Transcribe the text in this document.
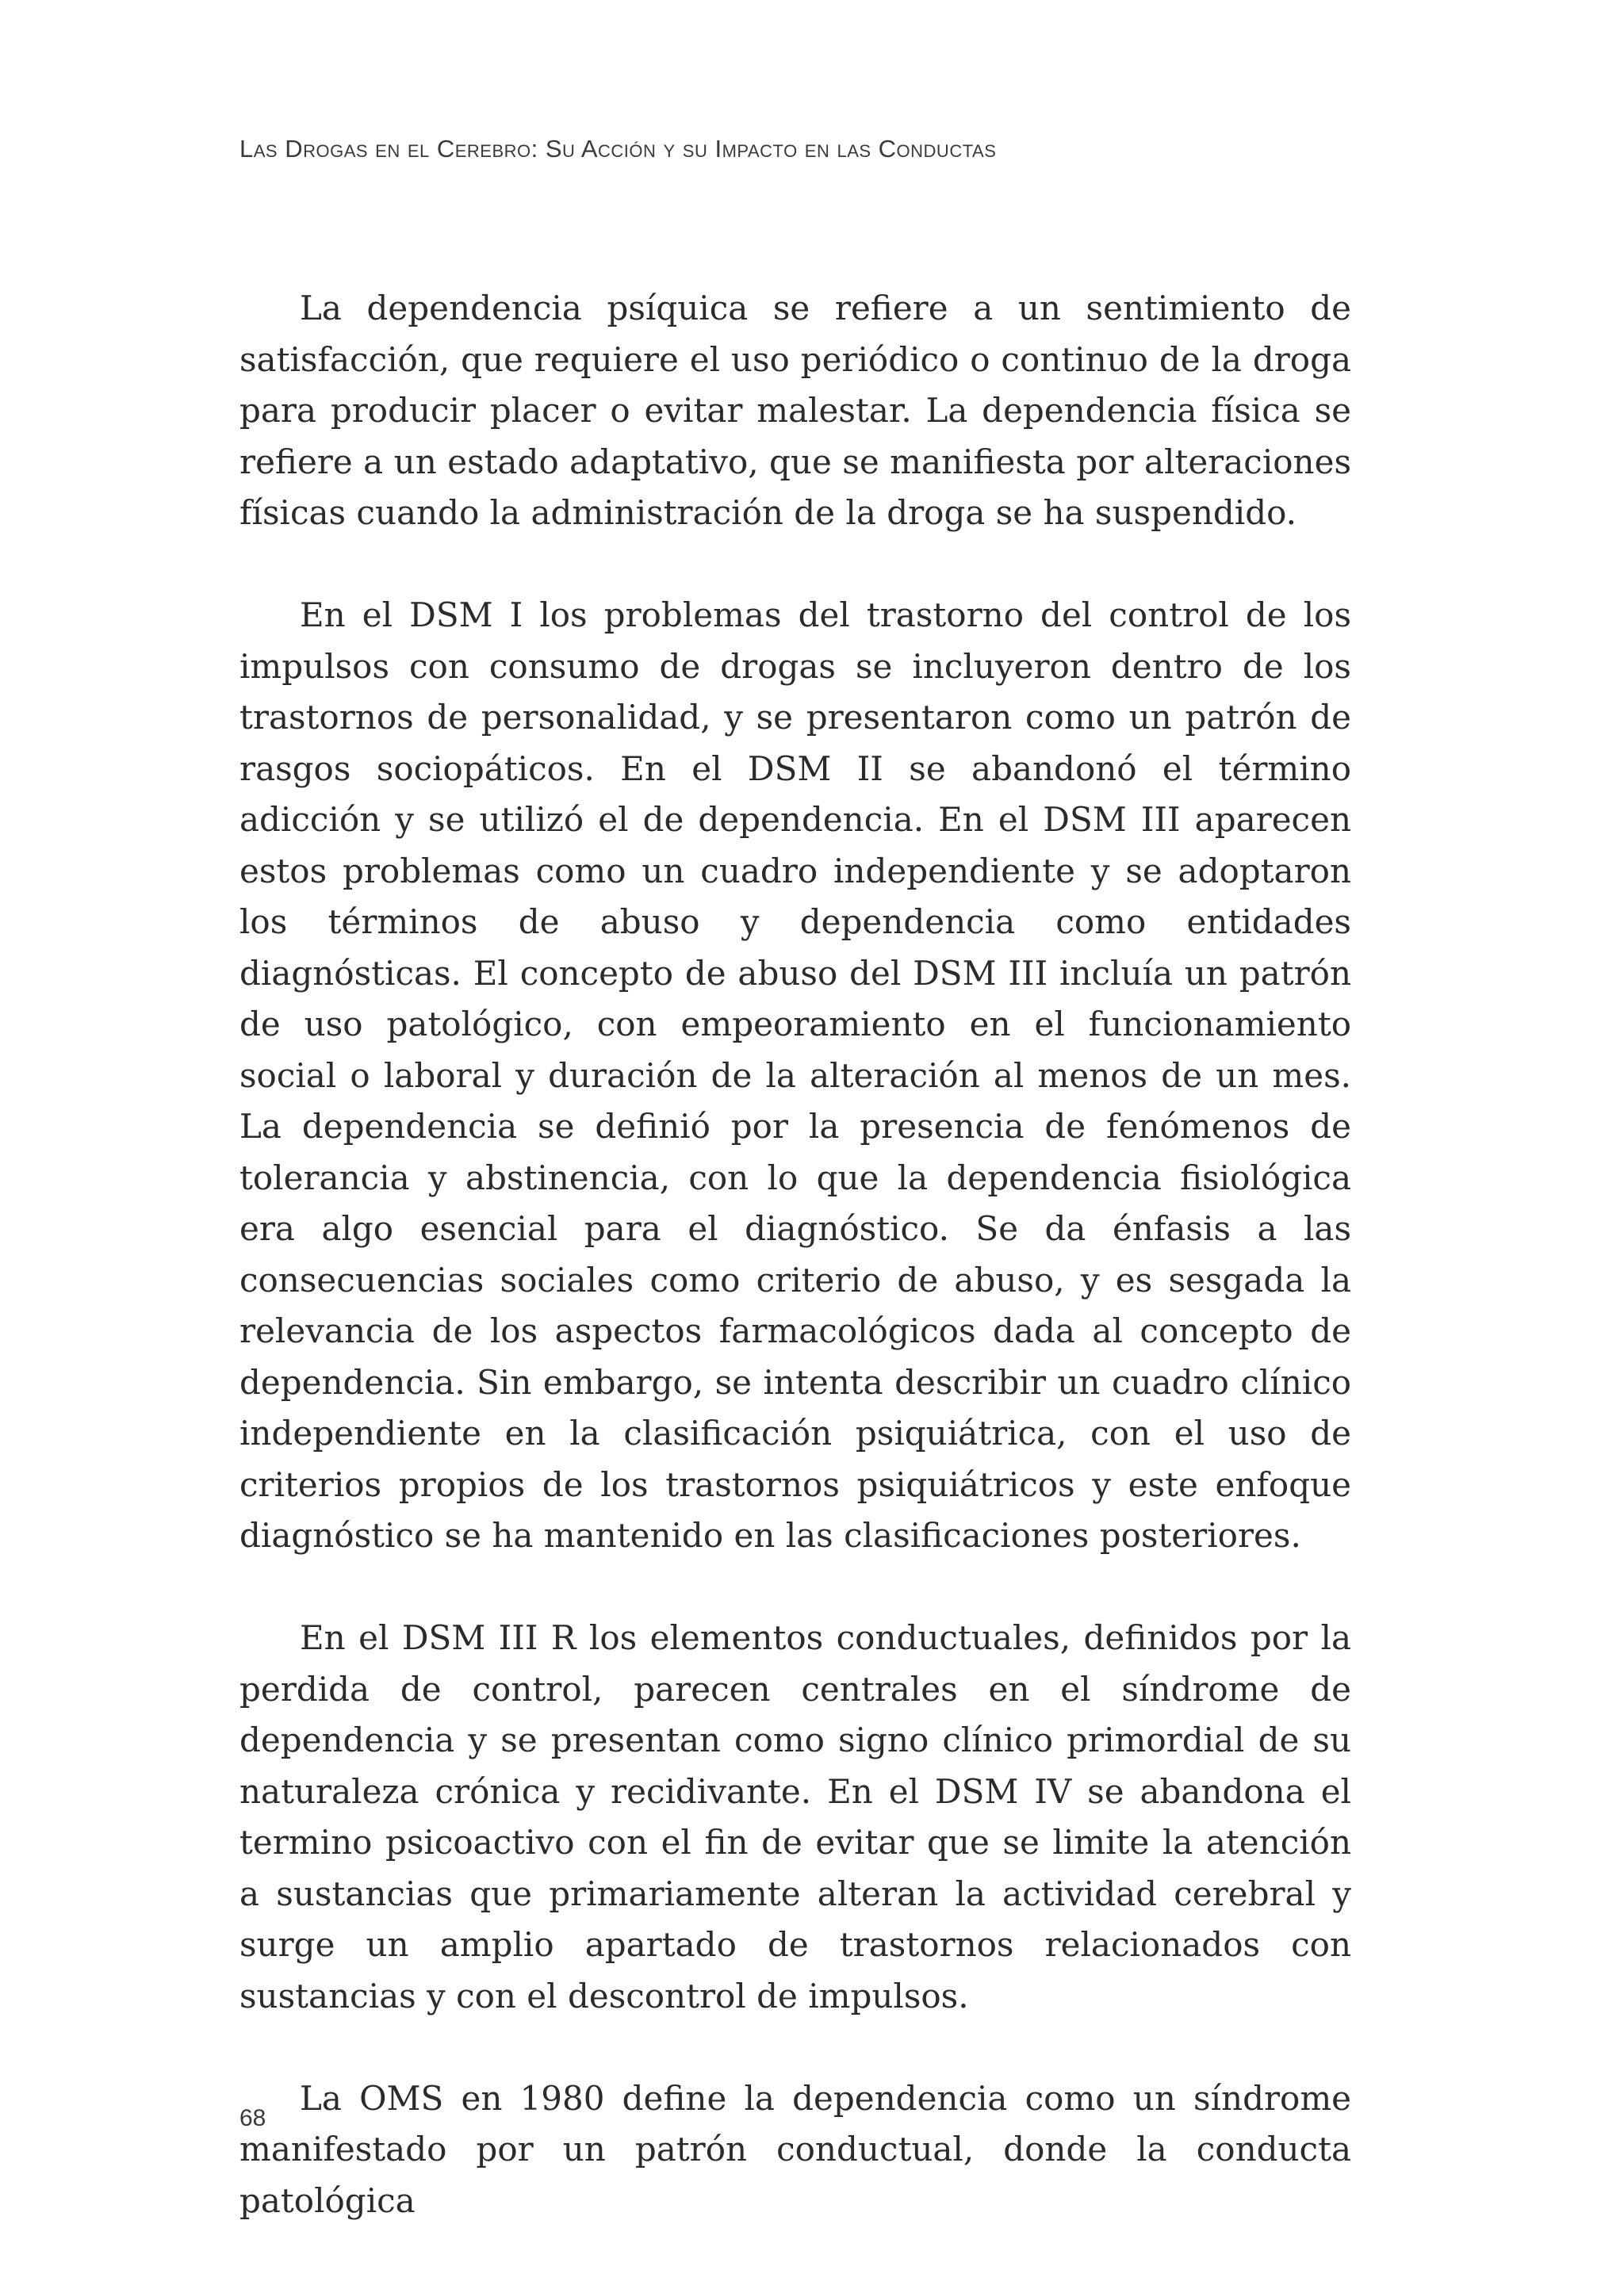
Las Drogas en el Cerebro: Su Acción y su Impacto en las Conductas

La dependencia psíquica se refiere a un sentimiento de satisfacción, que requiere el uso periódico o continuo de la droga para producir placer o evitar malestar. La dependencia física se refiere a un estado adaptativo, que se manifiesta por alteraciones físicas cuando la administración de la droga se ha suspendido.

En el DSM I los problemas del trastorno del control de los impulsos con consumo de drogas se incluyeron dentro de los trastornos de personalidad, y se presentaron como un patrón de rasgos sociopáticos. En el DSM II se abandonó el término adicción y se utilizó el de dependencia. En el DSM III aparecen estos problemas como un cuadro independiente y se adoptaron los términos de abuso y dependencia como entidades diagnósticas. El concepto de abuso del DSM III incluía un patrón de uso patológico, con empeoramiento en el funcionamiento social o laboral y duración de la alteración al menos de un mes. La dependencia se definió por la presencia de fenómenos de tolerancia y abstinencia, con lo que la dependencia fisiológica era algo esencial para el diagnóstico. Se da énfasis a las consecuencias sociales como criterio de abuso, y es sesgada la relevancia de los aspectos farmacológicos dada al concepto de dependencia. Sin embargo, se intenta describir un cuadro clínico independiente en la clasificación psiquiátrica, con el uso de criterios propios de los trastornos psiquiátricos y este enfoque diagnóstico se ha mantenido en las clasificaciones posteriores.

En el DSM III R los elementos conductuales, definidos por la perdida de control, parecen centrales en el síndrome de dependencia y se presentan como signo clínico primordial de su naturaleza crónica y recidivante. En el DSM IV se abandona el termino psicoactivo con el fin de evitar que se limite la atención a sustancias que primariamente alteran la actividad cerebral y surge un amplio apartado de trastornos relacionados con sustancias y con el descontrol de impulsos.

La OMS en 1980 define la dependencia como un síndrome manifestado por un patrón conductual, donde la conducta patológica

68
